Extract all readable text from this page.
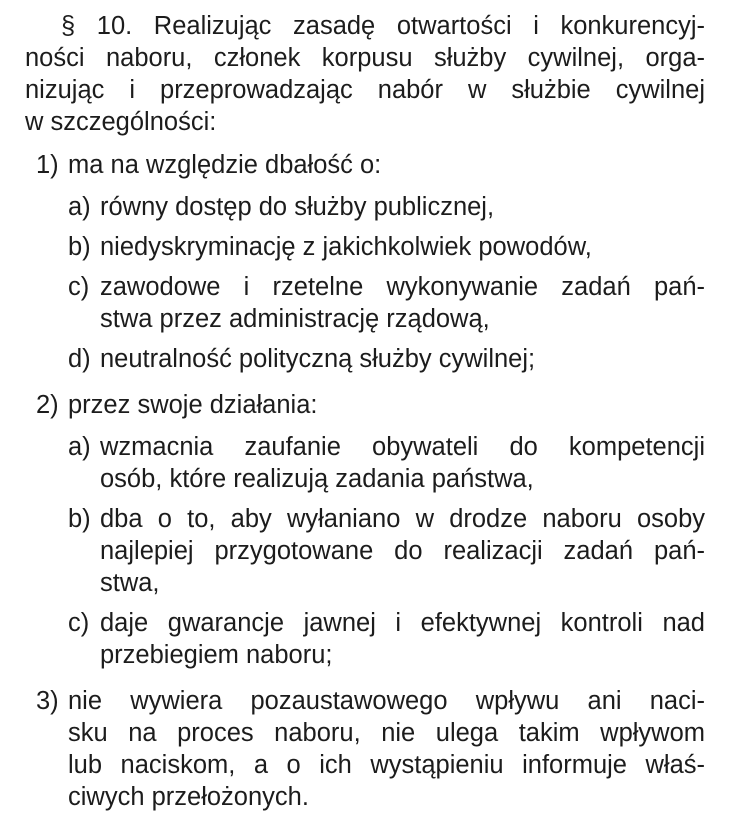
§ 10. Realizując zasadę otwartości i konkurencyj-
ności naboru, członek korpusu służby cywilnej, orga-
nizując i przeprowadzając nabór w służbie cywilnej
w szczególności:

1) ma na względzie dbałość o:
a) równy dostęp do służby publicznej,
b) niedyskryminację z jakichkolwiek powodów,
c) zawodowe i rzetelne wykonywanie zadań pań-
stwa przez administrację rządową,
d) neutralność polityczną służby cywilnej;
2) przez swoje działania:
a) wzmacnia zaufanie obywateli do kompetencji
osób, które realizują zadania państwa,
b) dba o to, aby wyłaniano w drodze naboru osoby
najlepiej przygotowane do realizacji zadań pań-
stwa,
c) daje gwarancje jawnej i efektywnej kontroli nad
przebiegiem naboru;
3) nie wywiera pozaustawowego wpływu ani naci-
sku na proces naboru, nie ulega takim wpływom
lub naciskom, a o ich wystąpieniu informuje właś-
ciwych przełożonych.
